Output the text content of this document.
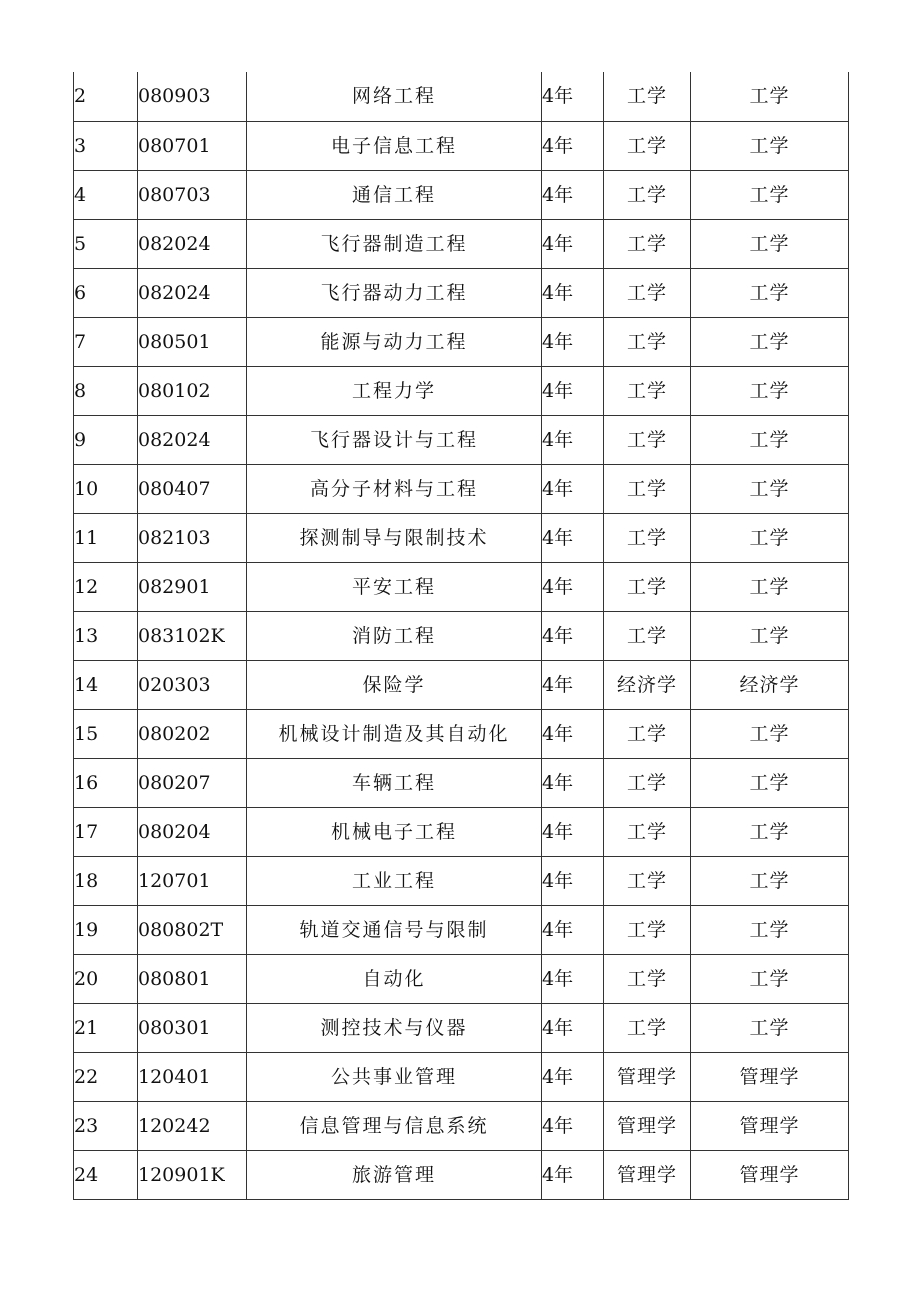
2	080903	网络工程	4年	工学	工学
3	080701	电子信息工程	4年	工学	工学
4	080703	通信工程	4年	工学	工学
5	082024	飞行器制造工程	4年	工学	工学
6	082024	飞行器动力工程	4年	工学	工学
7	080501	能源与动力工程	4年	工学	工学
8	080102	工程力学	4年	工学	工学
9	082024	飞行器设计与工程	4年	工学	工学
10	080407	高分子材料与工程	4年	工学	工学
11	082103	探测制导与限制技术	4年	工学	工学
12	082901	平安工程	4年	工学	工学
13	083102K	消防工程	4年	工学	工学
14	020303	保险学	4年	经济学	经济学
15	080202	机械设计制造及其自动化	4年	工学	工学
16	080207	车辆工程	4年	工学	工学
17	080204	机械电子工程	4年	工学	工学
18	120701	工业工程	4年	工学	工学
19	080802T	轨道交通信号与限制	4年	工学	工学
20	080801	自动化	4年	工学	工学
21	080301	测控技术与仪器	4年	工学	工学
22	120401	公共事业管理	4年	管理学	管理学
23	120242	信息管理与信息系统	4年	管理学	管理学
24	120901K	旅游管理	4年	管理学	管理学
